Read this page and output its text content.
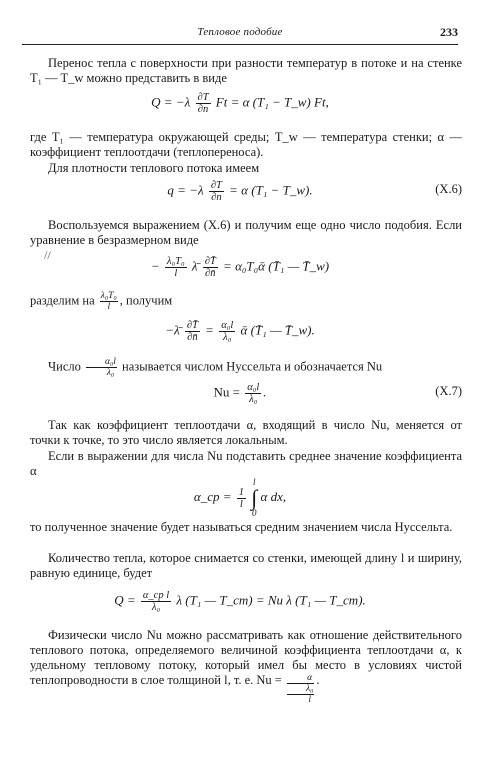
Тепловое подобие	233
Перенос тепла с поверхности при разности температур в потоке и на стенке T₁ — T_w можно представить в виде
$Q = -\lambda \frac{\partial T}{\partial n}$ Ft = α (T₁ − T_w) Ft,
где T₁ — температура окружающей среды; T_w — температура стенки; α — коэффициент теплоотдачи (теплопереноса).
Для плотности теплового потока имеем
$q = -\lambda \frac{\partial T}{\partial n} = \alpha$ (T₁ − T_w).	(X.6)
Воспользуемся выражением (X.6) и получим еще одно число подобия. Если уравнение в безразмерном виде
//
− $\frac{\text{λ₀T₀}}{l}$ λ̄ $\frac{\partial T̄}{\partial n̄}$ = α₀T₀ᾱ (T̄₁ — T̄_w)
разделим на $\frac{\text{λ₀T₀}}{l}$ , получим
−λ̄ $\frac{\partial T̄}{\partial n̄} = \frac{\text{α₀l}}{\text{λ₀}}$ ᾱ (T̄₁ — T̄_w).
Число $\frac{\text{α₀l}}{\text{λ₀}}$ называется числом Нуссельта и обозначается Nu
$Nu = \frac{\text{α₀l}}{\text{λ₀}}$ .	(X.7)
Так как коэффициент теплоотдачи α, входящий в число Nu, меняется от точки к точке, то это число является локальным.
Если в выражении для числа Nu подставить среднее значение коэффициента α
α_ср = $\frac{1}{l}$

l
∫
0
α dx,
то полученное значение будет называться средним значением числа Нуссельта.
Количество тепла, которое снимается со стенки, имеющей длину l и ширину, равную единице, будет
$Q = \frac{\text{α\_ср l}}{\text{λ₀}}$ λ (T₁ — T_ст) = Nu λ (T₁ — T_ст).
Физически число Nu можно рассматривать как отношение действительного теплового потока, определяемого величиной коэффициента теплоотдачи α, к удельному тепловому потоку, который имел бы место в условиях чистой теплопроводности в слое толщиной l, т. е. Nu =	α
λ₀
l
.
